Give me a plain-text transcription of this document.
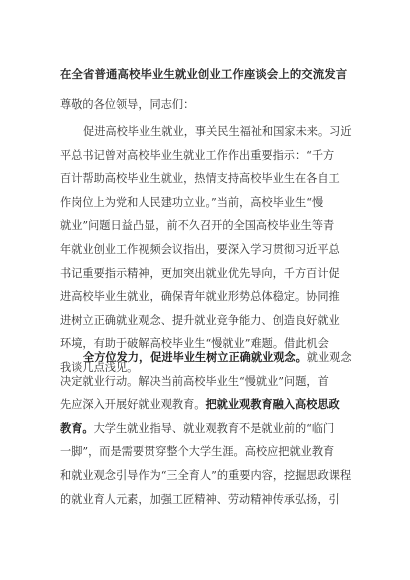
在全省普通高校毕业生就业创业工作座谈会上的交流发言
尊敬的各位领导，同志们：
促进高校毕业生就业，事关民生福祉和国家未来。习近
平总书记曾对高校毕业生就业工作作出重要指示：“千方
百计帮助高校毕业生就业，热情支持高校毕业生在各自工
作岗位上为党和人民建功立业。”当前，高校毕业生“慢
就业”问题日益凸显，前不久召开的全国高校毕业生等青
年就业创业工作视频会议指出，要深入学习贯彻习近平总
书记重要指示精神，更加突出就业优先导向，千方百计促
进高校毕业生就业，确保青年就业形势总体稳定。协同推
进树立正确就业观念、提升就业竞争能力、创造良好就业
环境，有助于破解高校毕业生“慢就业”难题。借此机会
我谈几点浅见。
全方位发力，促进毕业生树立正确就业观念。就业观念
决定就业行动。解决当前高校毕业生“慢就业”问题，首
先应深入开展好就业观教育。把就业观教育融入高校思政
教育。大学生就业指导、就业观教育不是就业前的“临门
一脚”，而是需要贯穿整个大学生涯。高校应把就业教育
和就业观念引导作为“三全育人”的重要内容，挖掘思政课程
的就业育人元素，加强工匠精神、劳动精神传承弘扬，引
